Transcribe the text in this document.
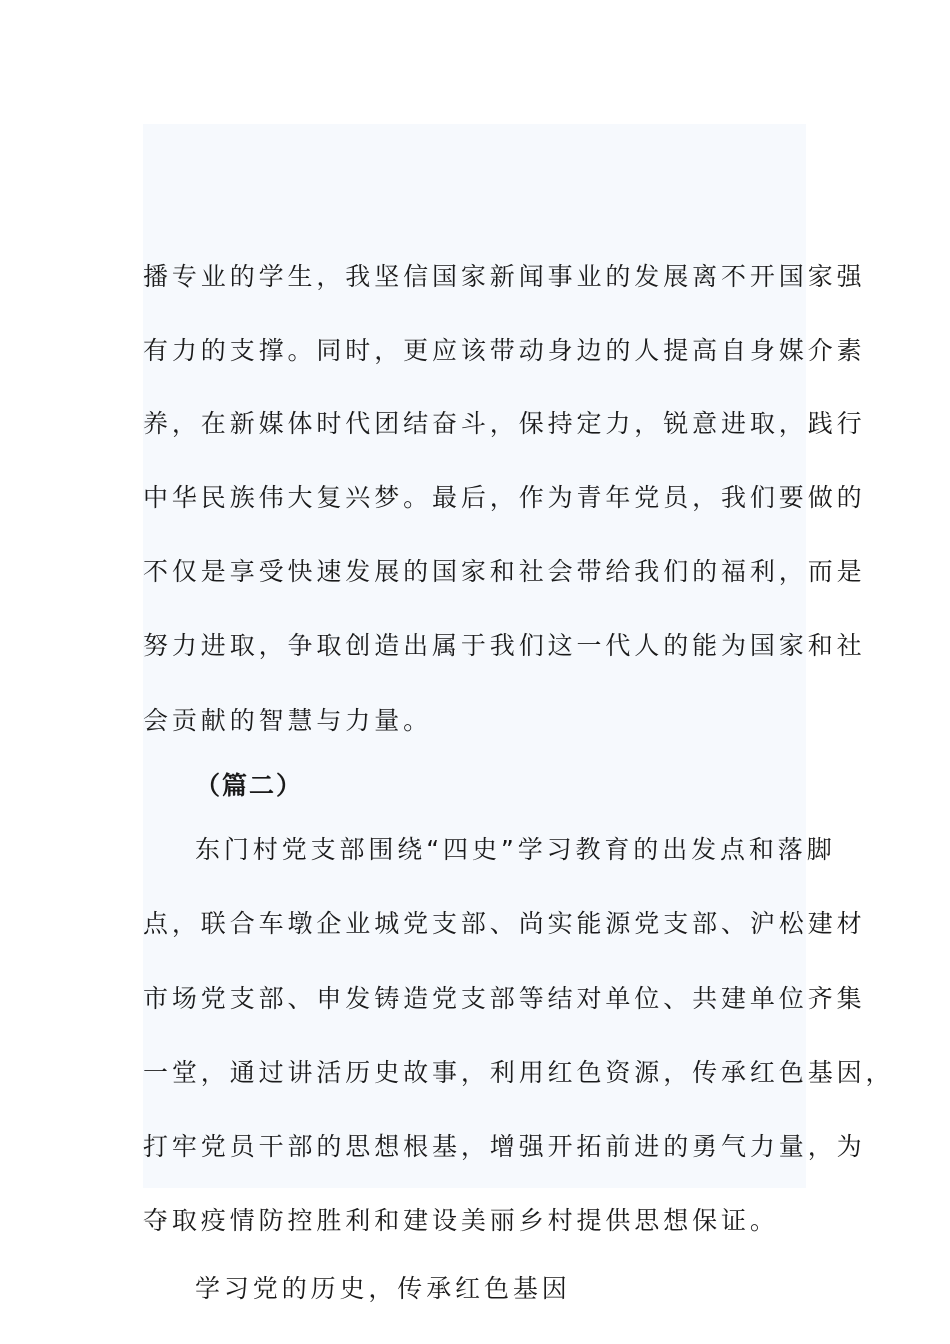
播专业的学生，我坚信国家新闻事业的发展离不开国家强
有力的支撑。同时，更应该带动身边的人提高自身媒介素
养，在新媒体时代团结奋斗，保持定力，锐意进取，践行
中华民族伟大复兴梦。最后，作为青年党员，我们要做的
不仅是享受快速发展的国家和社会带给我们的福利，而是
努力进取，争取创造出属于我们这一代人的能为国家和社
会贡献的智慧与力量。
（篇二）
东门村党支部围绕“四史”学习教育的出发点和落脚
点，联合车墩企业城党支部、尚实能源党支部、沪松建材
市场党支部、申发铸造党支部等结对单位、共建单位齐集
一堂，通过讲活历史故事，利用红色资源，传承红色基因，
打牢党员干部的思想根基，增强开拓前进的勇气力量，为
夺取疫情防控胜利和建设美丽乡村提供思想保证。
学习党的历史，传承红色基因
